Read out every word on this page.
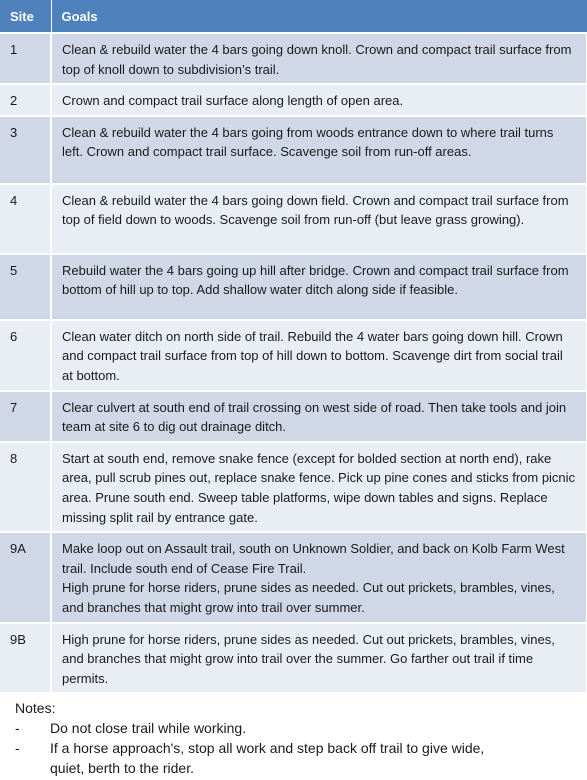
Site	Goals
1	Clean & rebuild water the 4 bars going down knoll. Crown and compact trail surface from top of knoll down to subdivision’s trail.
2	Crown and compact trail surface along length of open area.
3	Clean & rebuild water the 4 bars going from woods entrance down to where trail turns left. Crown and compact trail surface. Scavenge soil from run-off areas.
4	Clean & rebuild water the 4 bars going down field. Crown and compact trail surface from top of field down to woods. Scavenge soil from run-off (but leave grass growing).
5	Rebuild water the 4 bars going up hill after bridge. Crown and compact trail surface from bottom of hill up to top. Add shallow water ditch along side if feasible.
6	Clean water ditch on north side of trail. Rebuild the 4 water bars going down hill. Crown and compact trail surface from top of hill down to bottom. Scavenge dirt from social trail at bottom.
7	Clear culvert at south end of trail crossing on west side of road. Then take tools and join team at site 6 to dig out drainage ditch.
8	Start at south end, remove snake fence (except for bolded section at north end), rake area, pull scrub pines out, replace snake fence. Pick up pine cones and sticks from picnic area. Prune south end. Sweep table platforms, wipe down tables and signs. Replace missing split rail by entrance gate.
9A	Make loop out on Assault trail, south on Unknown Soldier, and back on Kolb Farm West trail. Include south end of Cease Fire Trail.
High prune for horse riders, prune sides as needed. Cut out prickets, brambles, vines, and branches that might grow into trail over summer.

9B	High prune for horse riders, prune sides as needed. Cut out prickets, brambles, vines, and branches that might grow into trail over the summer. Go farther out trail if time permits.
Notes:
-	Do not close trail while working.
-	If a horse approach's, stop all work and step back off trail to give wide, quiet, berth to the rider.
